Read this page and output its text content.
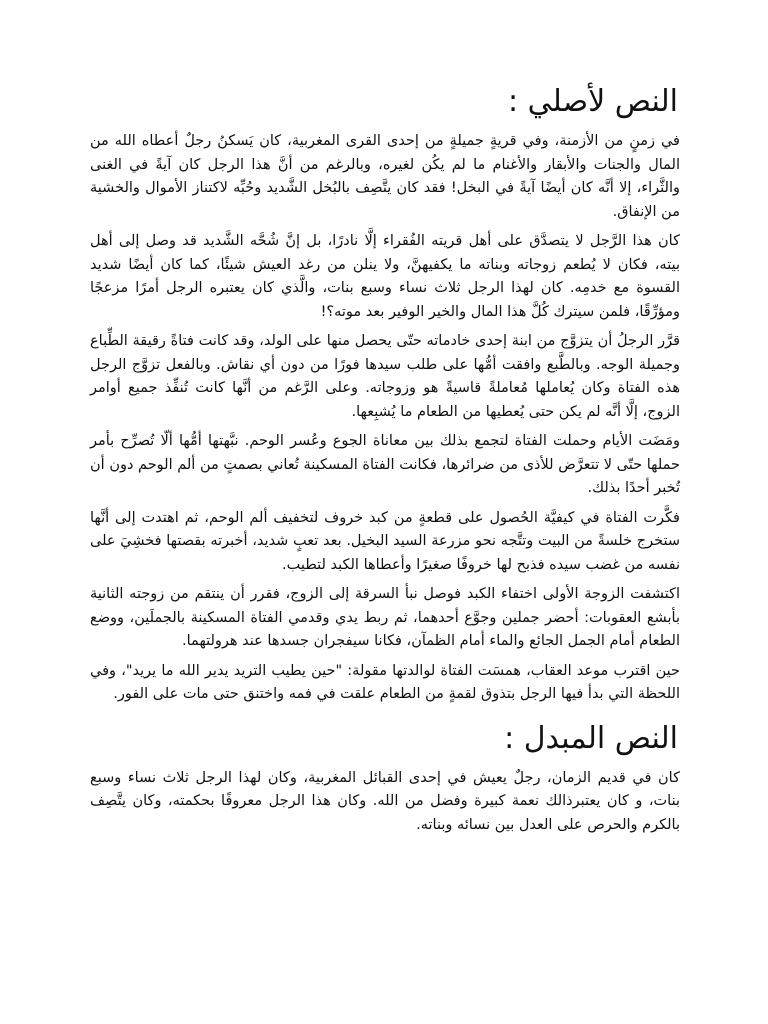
النص لأصلي :

في زمنٍ من الأزمنة، وفي قريةٍ جميلةٍ من إحدى القرى المغربية، كان يَسكنُ رجلٌ أعطاه الله من المال والجنات والأبقار والأغنام ما لم يكُن لغيره، وبالرغم من أنَّ هذا الرجل كان آيةً في الغنى والثَّراء، إلا أنَّه كان أيضًا آيةً في البخل! فقد كان يتَّصِف بالبُخل الشَّديد وحُبِّه لاكتناز الأموال والخشية من الإنفاق.

كان هذا الرَّجل لا يتصدَّق على أهل قريته الفُقراء إلَّا نادرًا، بل إنَّ شُحَّه الشَّديد قد وصل إلى أهل بيته، فكان لا يُطعم زوجاته وبناته ما يكفيهنَّ، ولا ينلن من رغد العيش شيئًا، كما كان أيضًا شديد القسوة مع خدمِه. كان لهذا الرجل ثلاث نساء وسبع بنات، والَّذي كان يعتبره الرجل أمرًا مزعجًا ومؤرِّقًا، فلمن سيترك كُلَّ هذا المال والخير الوفير بعد موته؟!

قرَّر الرجلُ أن يتزوَّج من ابنة إحدى خادماته حتّى يحصل منها على الولد، وقد كانت فتاةً رقيقة الطِّباع وجميلة الوجه. وبالطَّبع وافقت أمُّها على طلب سيدها فورًا من دون أي نقاش. وبالفعل تزوَّج الرجل هذه الفتاة وكان يُعاملها مُعاملةً قاسيةً هو وزوجاته. وعلى الرَّغم من أنَّها كانت تُنفِّذ جميع أوامر الزوج، إلَّا أنَّه لم يكن حتى يُعطيها من الطعام ما يُشبِعها.

ومَضَت الأيام وحملت الفتاة لتجمع بذلك بين معاناة الجوع وعُسر الوحم. نبَّهتها أمُّها ألّا تُصرِّح بأمر حملها حتّى لا تتعرَّض للأذى من ضرائرها، فكانت الفتاة المسكينة تُعاني بصمتٍ من ألم الوحم دون أن تُخبر أحدًا بذلك.

فكَّرت الفتاة في كيفيَّة الحُصول على قطعةٍ من كبد خروف لتخفيف ألم الوحم، ثم اهتدت إلى أنَّها ستخرج خلسةً من البيت وتتَّجه نحو مزرعة السيد البخيل. بعد تعبٍ شديد، أخبرته بقصتها فخشِيَ على نفسه من غضب سيده فذبح لها خروفًا صغيرًا وأعطاها الكبد لتطيب.

اكتشفت الزوجة الأولى اختفاء الكبد فوصل نبأ السرقة إلى الزوج، فقرر أن ينتقم من زوجته الثانية بأبشع العقوبات: أحضر جملين وجوَّع أحدهما، ثم ربط يدي وقدمي الفتاة المسكينة بالجملَين، ووضع الطعام أمام الجمل الجائع والماء أمام الظمآن، فكانا سيفجران جسدها عند هرولتهما.

حين اقترب موعد العقاب، همسَت الفتاة لوالدتها مقولة: "حين يطيب التريد يدير الله ما يريد"، وفي اللحظة التي بدأ فيها الرجل بتذوق لقمةٍ من الطعام علقت في فمه واختنق حتى مات على الفور.

النص المبدل :

كان في قديم الزمان، رجلٌ يعيش في إحدى القبائل المغربية، وكان لهذا الرجل ثلاث نساء وسبع بنات، و كان يعتبرذالك نعمة كبيرة وفضل من الله. وكان هذا الرجل معروفًا بحكمته، وكان يتَّصِف بالكرم والحرص على العدل بين نسائه وبناته.
